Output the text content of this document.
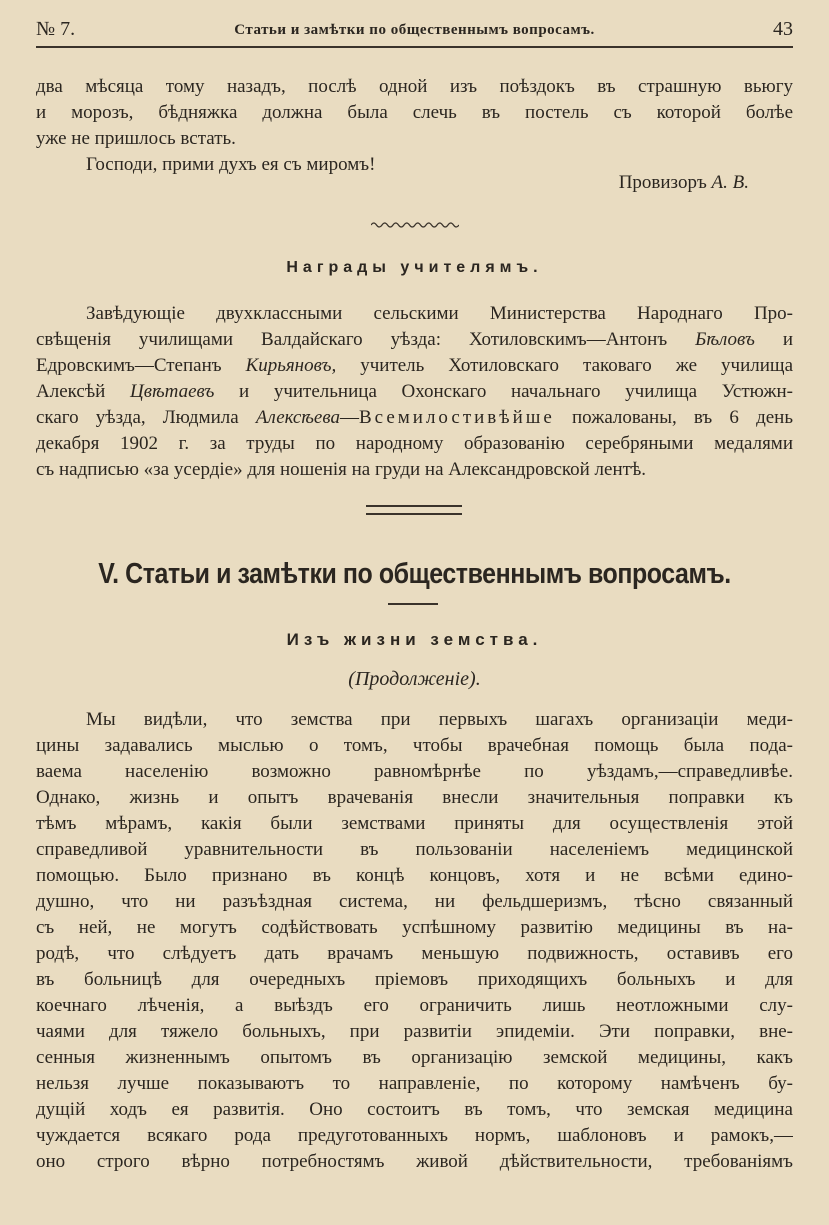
№ 7.	Статьи и замѣтки по общественнымъ вопросамъ.	43
два мѣсяца тому назадъ, послѣ одной изъ поѣздокъ въ страшную вьюгу
и морозъ, бѣдняжка должна была слечь въ постель съ которой болѣе
уже не пришлось встать.
Господи, прими духъ ея съ миромъ!
Провизоръ А. В.
Награды учителямъ.
Завѣдующіе двухклассными сельскими Министерства Народнаго Про-
свѣщенія училищами Валдайскаго уѣзда: Хотиловскимъ—Антонъ Бѣловъ и
Едровскимъ—Степанъ Кирьяновъ, учитель Хотиловскаго таковаго же училища
Алексѣй Цвѣтаевъ и учительница Охонскаго начальнаго училища Устюжн-
скаго уѣзда, Людмила Алексѣева—Всемилостивѣйше пожалованы, въ 6 день
декабря 1902 г. за труды по народному образованію серебряными медалями
съ надписью «за усердіе» для ношенія на груди на Александровской лентѣ.
V. Статьи и замѣтки по общественнымъ вопросамъ.
Изъ жизни земства.
(Продолженіе).
Мы видѣли, что земства при первыхъ шагахъ организаціи меди-
цины задавались мыслью о томъ, чтобы врачебная помощь была пода-
ваема населенію возможно равномѣрнѣе по уѣздамъ,—справедливѣе.
Однако, жизнь и опытъ врачеванія внесли значительныя поправки къ
тѣмъ мѣрамъ, какія были земствами приняты для осуществленія этой
справедливой уравнительности въ пользованіи населеніемъ медицинской
помощью. Было признано въ концѣ концовъ, хотя и не всѣми едино-
душно, что ни разъѣздная система, ни фельдшеризмъ, тѣсно связанный
съ ней, не могутъ содѣйствовать успѣшному развитію медицины въ на-
родѣ, что слѣдуетъ дать врачамъ меньшую подвижность, оставивъ его
въ больницѣ для очередныхъ пріемовъ приходящихъ больныхъ и для
коечнаго лѣченія, а выѣздъ его ограничить лишь неотложными слу-
чаями для тяжело больныхъ, при развитіи эпидеміи. Эти поправки, вне-
сенныя жизненнымъ опытомъ въ организацію земской медицины, какъ
нельзя лучше показываютъ то направленіе, по которому намѣченъ бу-
дущій ходъ ея развитія. Оно состоитъ въ томъ, что земская медицина
чуждается всякаго рода предуготованныхъ нормъ, шаблоновъ и рамокъ,—
оно строго вѣрно потребностямъ живой дѣйствительности, требованіямъ
